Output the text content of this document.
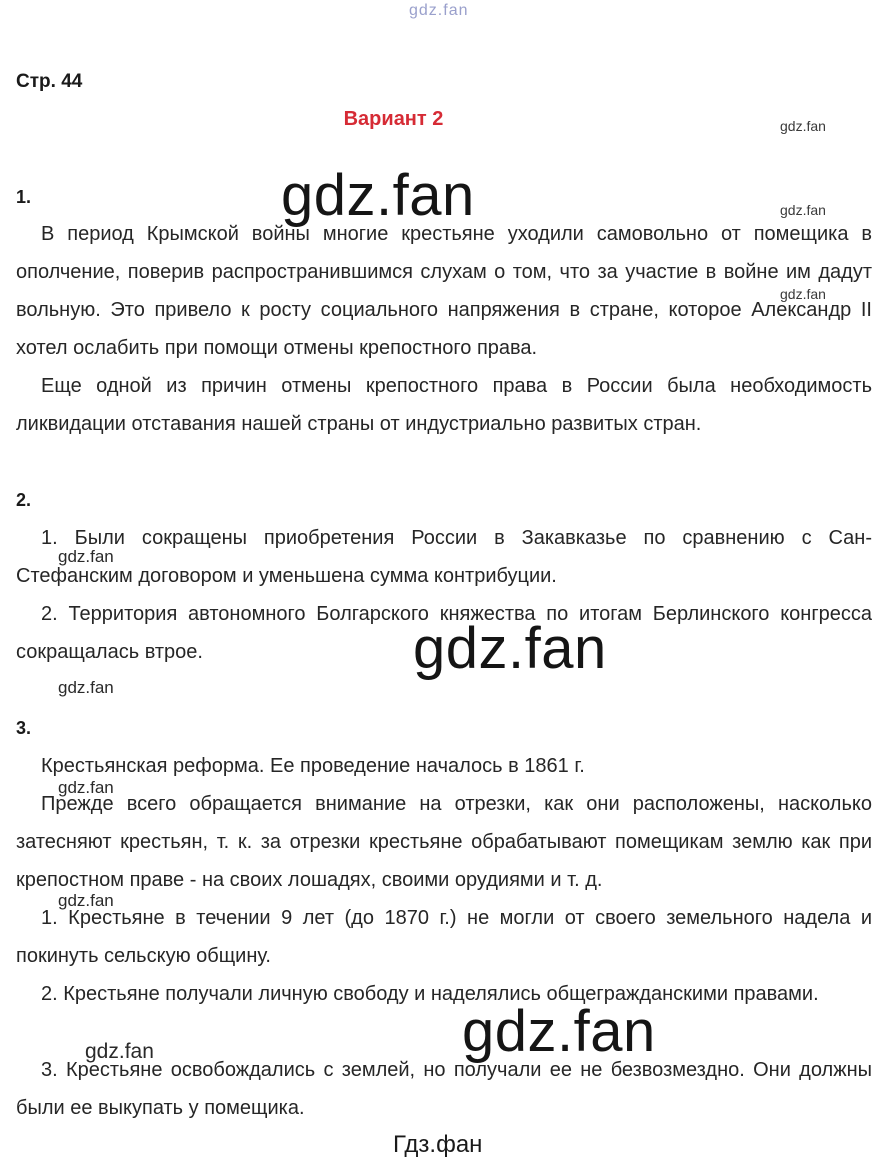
gdz.fan
Стр. 44
Вариант 2
1.

В период Крымской войны многие крестьяне уходили самовольно от помещика в ополчение, поверив распространившимся слухам о том, что за участие в войне им дадут вольную. Это привело к росту социального напряжения в стране, которое Александр II хотел ослабить при помощи отмены крепостного права.

Еще одной из причин отмены крепостного права в России была необходимость ликвидации отставания нашей страны от индустриально развитых стран.

2.

1. Были сокращены приобретения России в Закавказье по сравнению с Сан-Стефанским договором и уменьшена сумма контрибуции.

2. Территория автономного Болгарского княжества по итогам Берлинского конгресса сокращалась втрое.

3.

Крестьянская реформа. Ее проведение началось в 1861 г.

Прежде всего обращается внимание на отрезки, как они расположены, насколько затесняют крестьян, т. к. за отрезки крестьяне обрабатывают помещикам землю как при крепостном праве - на своих лошадях, своими орудиями и т. д.

1. Крестьяне в течении 9 лет (до 1870 г.) не могли от своего земельного надела и покинуть сельскую общину.

2. Крестьяне получали личную свободу и наделялись общегражданскими правами.

3. Крестьяне освобождались с землей, но получали ее не безвозмездно. Они должны были ее выкупать у помещика.

gdz.fan
gdz.fan
gdz.fan
gdz.fan
gdz.fan
gdz.fan
gdz.fan
gdz.fan
gdz.fan
gdz.fan
gdz.fan
Гдз.фан
